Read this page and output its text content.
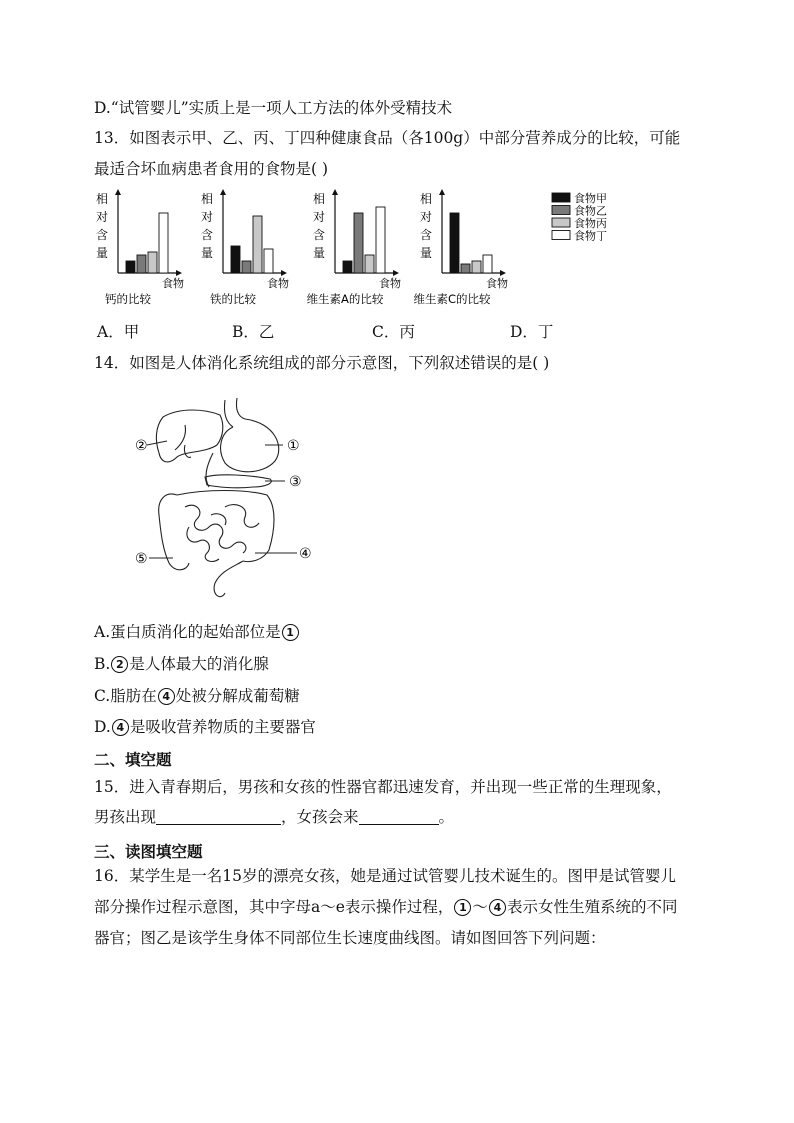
D.“试管婴儿”实质上是一项人工方法的体外受精技术
13．如图表示甲、乙、丙、丁四种健康食品（各100g）中部分营养成分的比较，可能
最适合坏血病患者食用的食物是( )
相
对
含
量
食物
钙的比较
相
对
含
量
食物
铁的比较
相
对
含
量
食物
维生素A的比较
相
对
含
量
食物
维生素C的比较
食物甲
食物乙
食物丙
食物丁
A．甲	B．乙	C．丙	D．丁
14．如图是人体消化系统组成的部分示意图，下列叙述错误的是( )
②	①
③
⑤	④
A.蛋白质消化的起始部位是 1
B. 2 是人体最大的消化腺
C.脂肪在 4 处被分解成葡萄糖
D. 4 是吸收营养物质的主要器官
二、填空题
15．进入青春期后，男孩和女孩的性器官都迅速发育，并出现一些正常的生理现象，
男孩出现	，女孩会来	。
三、读图填空题
16．某学生是一名15岁的漂亮女孩，她是通过试管婴儿技术诞生的。图甲是试管婴儿
部分操作过程示意图，其中字母a～e表示操作过程， 1 ～ 4 表示女性生殖系统的不同
器官；图乙是该学生身体不同部位生长速度曲线图。请如图回答下列问题：
